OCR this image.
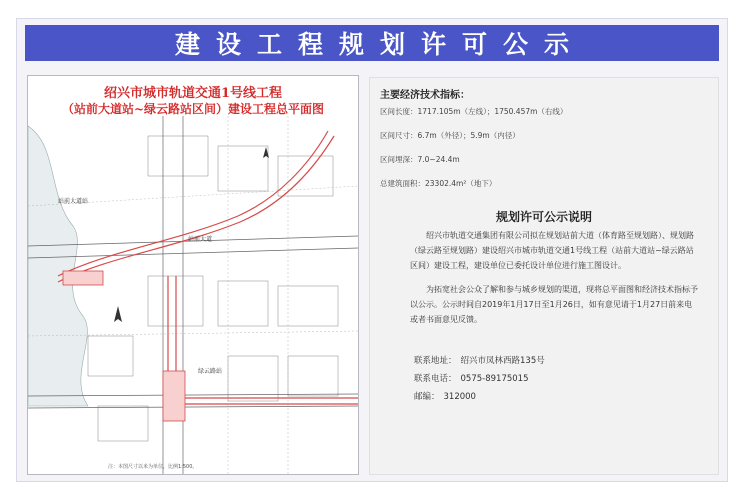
建设工程规划许可公示
绍兴市城市轨道交通1号线工程
（站前大道站~绿云路站区间）建设工程总平面图
站前大道站
绿云路站
站前大道
注：本图尺寸以米为单位，比例1:500。
主要经济技术指标：
区间长度：1717.105m（左线）；1750.457m（右线）
区间尺寸：6.7m（外径）；5.9m（内径）
区间埋深：7.0~24.4m
总建筑面积：23302.4m²（地下）
规划许可公示说明
绍兴市轨道交通集团有限公司拟在规划站前大道（体育路至规划路）、规划路（绿云路至规划路）建设绍兴市城市轨道交通1号线工程（站前大道站~绿云路站区间）建设工程，建设单位已委托设计单位进行施工图设计。
为拓宽社会公众了解和参与城乡规划的渠道，现将总平面图和经济技术指标予以公示。公示时间自2019年1月17日至1月26日，如有意见请于1月27日前来电或者书面意见反馈。
联系地址： 绍兴市凤林西路135号
联系电话： 0575-89175015
邮编： 312000
